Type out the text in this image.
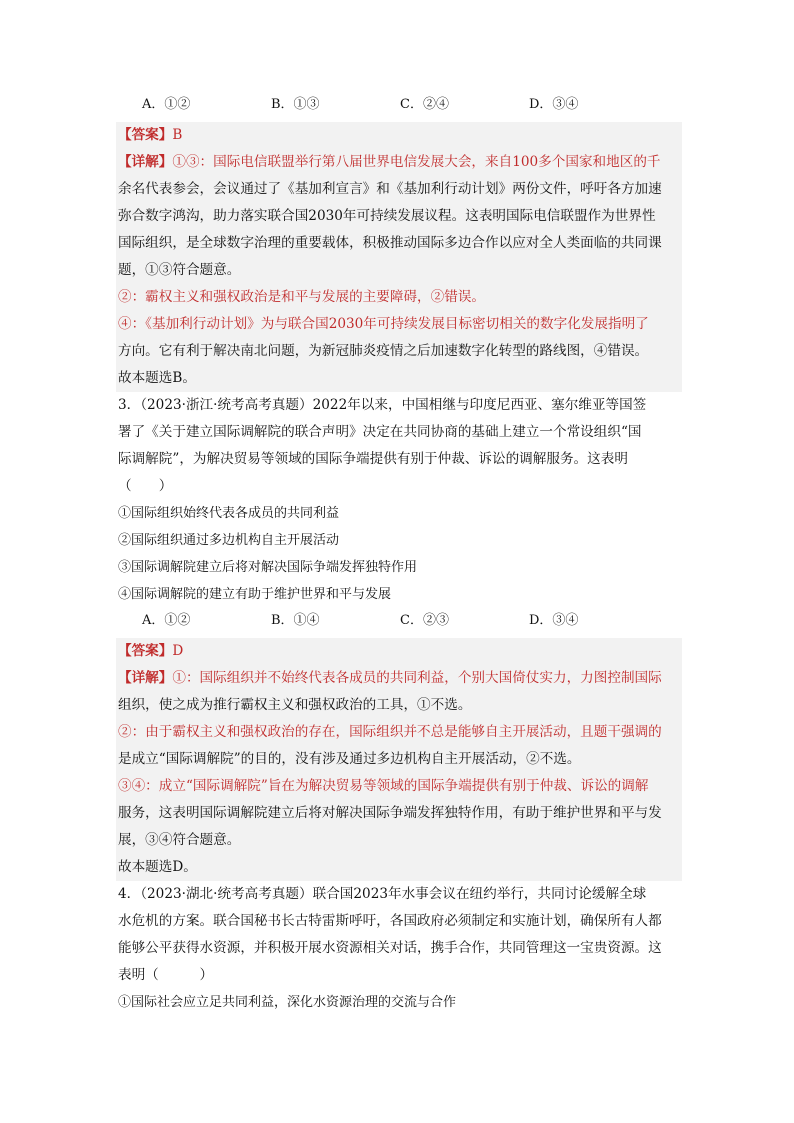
A．①②	B．①③	C．②④	D．③④
【答案】B
【详解】①③：国际电信联盟举行第八届世界电信发展大会，来自100多个国家和地区的千
余名代表参会，会议通过了《基加利宣言》和《基加利行动计划》两份文件，呼吁各方加速
弥合数字鸿沟，助力落实联合国2030年可持续发展议程。这表明国际电信联盟作为世界性
国际组织，是全球数字治理的重要载体，积极推动国际多边合作以应对全人类面临的共同课
题，①③符合题意。
②：霸权主义和强权政治是和平与发展的主要障碍，②错误。
④：《基加利行动计划》为与联合国2030年可持续发展目标密切相关的数字化发展指明了
方向。它有利于解决南北问题，为新冠肺炎疫情之后加速数字化转型的路线图，④错误。
故本题选B。
3．（2023·浙江·统考高考真题）2022年以来，中国相继与印度尼西亚、塞尔维亚等国签
署了《关于建立国际调解院的联合声明》决定在共同协商的基础上建立一个常设组织“国
际调解院”，为解决贸易等领域的国际争端提供有别于仲裁、诉讼的调解服务。这表明
（　　）
①国际组织始终代表各成员的共同利益
②国际组织通过多边机构自主开展活动
③国际调解院建立后将对解决国际争端发挥独特作用
④国际调解院的建立有助于维护世界和平与发展
A．①②	B．①④	C．②③	D．③④
【答案】D
【详解】①：国际组织并不始终代表各成员的共同利益，个别大国倚仗实力，力图控制国际
组织，使之成为推行霸权主义和强权政治的工具，①不选。
②：由于霸权主义和强权政治的存在，国际组织并不总是能够自主开展活动，且题干强调的
是成立“国际调解院”的目的，没有涉及通过多边机构自主开展活动，②不选。
③④：成立“国际调解院”旨在为解决贸易等领域的国际争端提供有别于仲裁、诉讼的调解
服务，这表明国际调解院建立后将对解决国际争端发挥独特作用，有助于维护世界和平与发
展，③④符合题意。
故本题选D。
4．（2023·湖北·统考高考真题）联合国2023年水事会议在纽约举行，共同讨论缓解全球
水危机的方案。联合国秘书长古特雷斯呼吁，各国政府必须制定和实施计划，确保所有人都
能够公平获得水资源，并积极开展水资源相关对话，携手合作，共同管理这一宝贵资源。这
表明（　　　）
①国际社会应立足共同利益，深化水资源治理的交流与合作
